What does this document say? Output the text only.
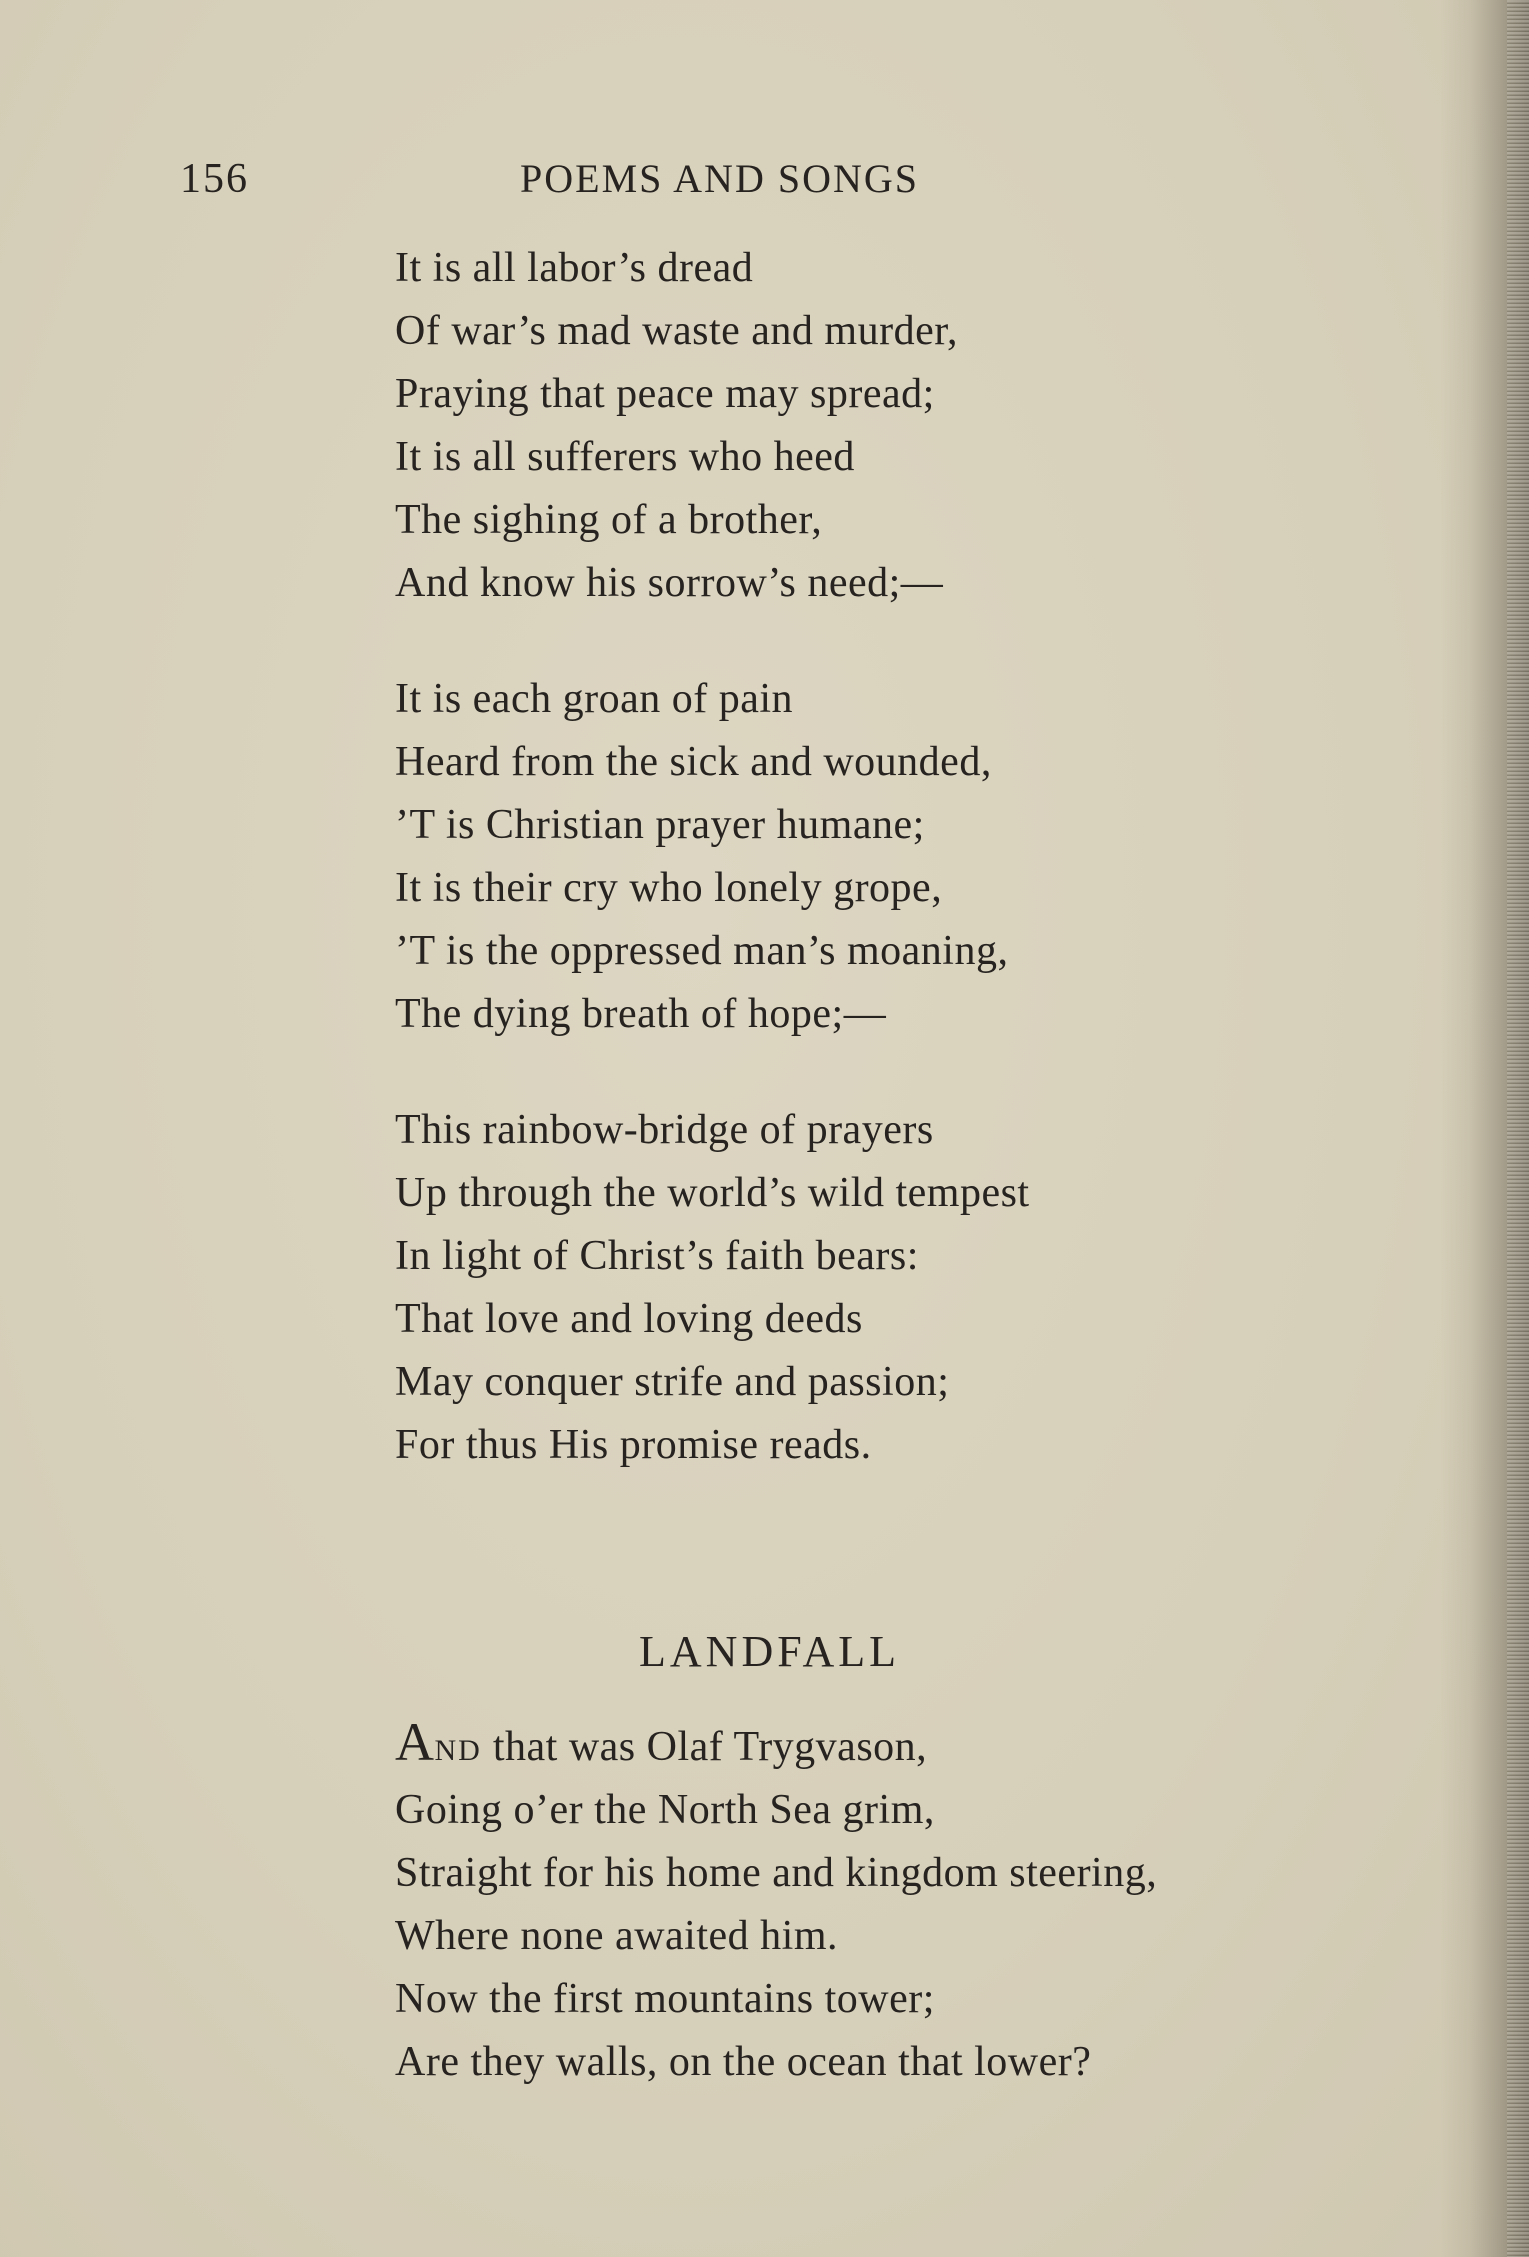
156	POEMS AND SONGS
It is all labor’s dread
Of war’s mad waste and murder,
Praying that peace may spread;
It is all sufferers who heed
The sighing of a brother,
And know his sorrow’s need;—
It is each groan of pain
Heard from the sick and wounded,
’T is Christian prayer humane;
It is their cry who lonely grope,
’T is the oppressed man’s moaning,
The dying breath of hope;—
This rainbow-bridge of prayers
Up through the world’s wild tempest
In light of Christ’s faith bears:
That love and loving deeds
May conquer strife and passion;
For thus His promise reads.
LANDFALL
AND that was Olaf Trygvason,
Going o’er the North Sea grim,
Straight for his home and kingdom steering,
Where none awaited him.
Now the first mountains tower;
Are they walls, on the ocean that lower?
